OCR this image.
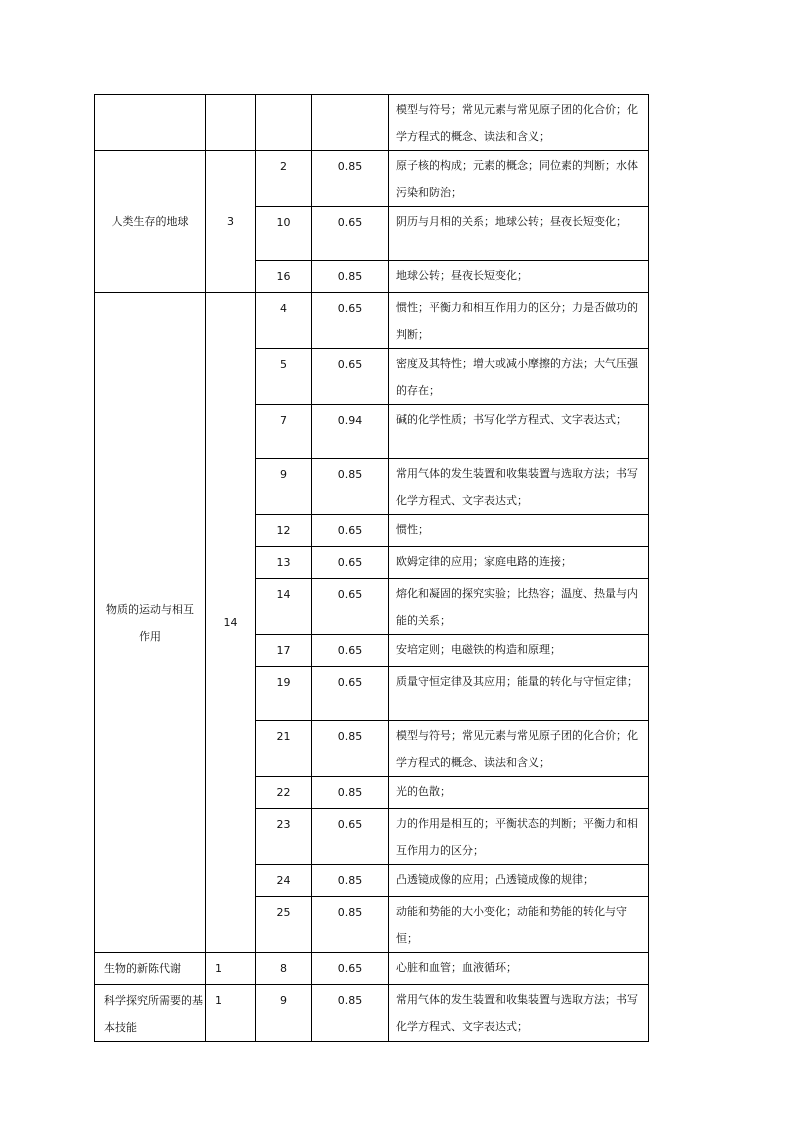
				模型与符号；常见元素与常见原子团的化合价；化学方程式的概念、读法和含义；
人类生存的地球	3	2	0.85	原子核的构成；元素的概念；同位素的判断；水体污染和防治；
		10	0.65	阴历与月相的关系；地球公转；昼夜长短变化；
		16	0.85	地球公转；昼夜长短变化；
物质的运动与相互作用	14	4	0.65	惯性；平衡力和相互作用力的区分；力是否做功的判断；
		5	0.65	密度及其特性；增大或减小摩擦的方法；大气压强的存在；
		7	0.94	碱的化学性质；书写化学方程式、文字表达式；
		9	0.85	常用气体的发生装置和收集装置与选取方法；书写化学方程式、文字表达式；
		12	0.65	惯性；
		13	0.65	欧姆定律的应用；家庭电路的连接；
		14	0.65	熔化和凝固的探究实验；比热容；温度、热量与内能的关系；
		17	0.65	安培定则；电磁铁的构造和原理；
		19	0.65	质量守恒定律及其应用；能量的转化与守恒定律；
		21	0.85	模型与符号；常见元素与常见原子团的化合价；化学方程式的概念、读法和含义；
		22	0.85	光的色散；
		23	0.65	力的作用是相互的；平衡状态的判断；平衡力和相互作用力的区分；
		24	0.85	凸透镜成像的应用；凸透镜成像的规律；
		25	0.85	动能和势能的大小变化；动能和势能的转化与守恒；
生物的新陈代谢	1	8	0.65	心脏和血管；血液循环；
科学探究所需要的基本技能	1	9	0.85	常用气体的发生装置和收集装置与选取方法；书写化学方程式、文字表达式；
